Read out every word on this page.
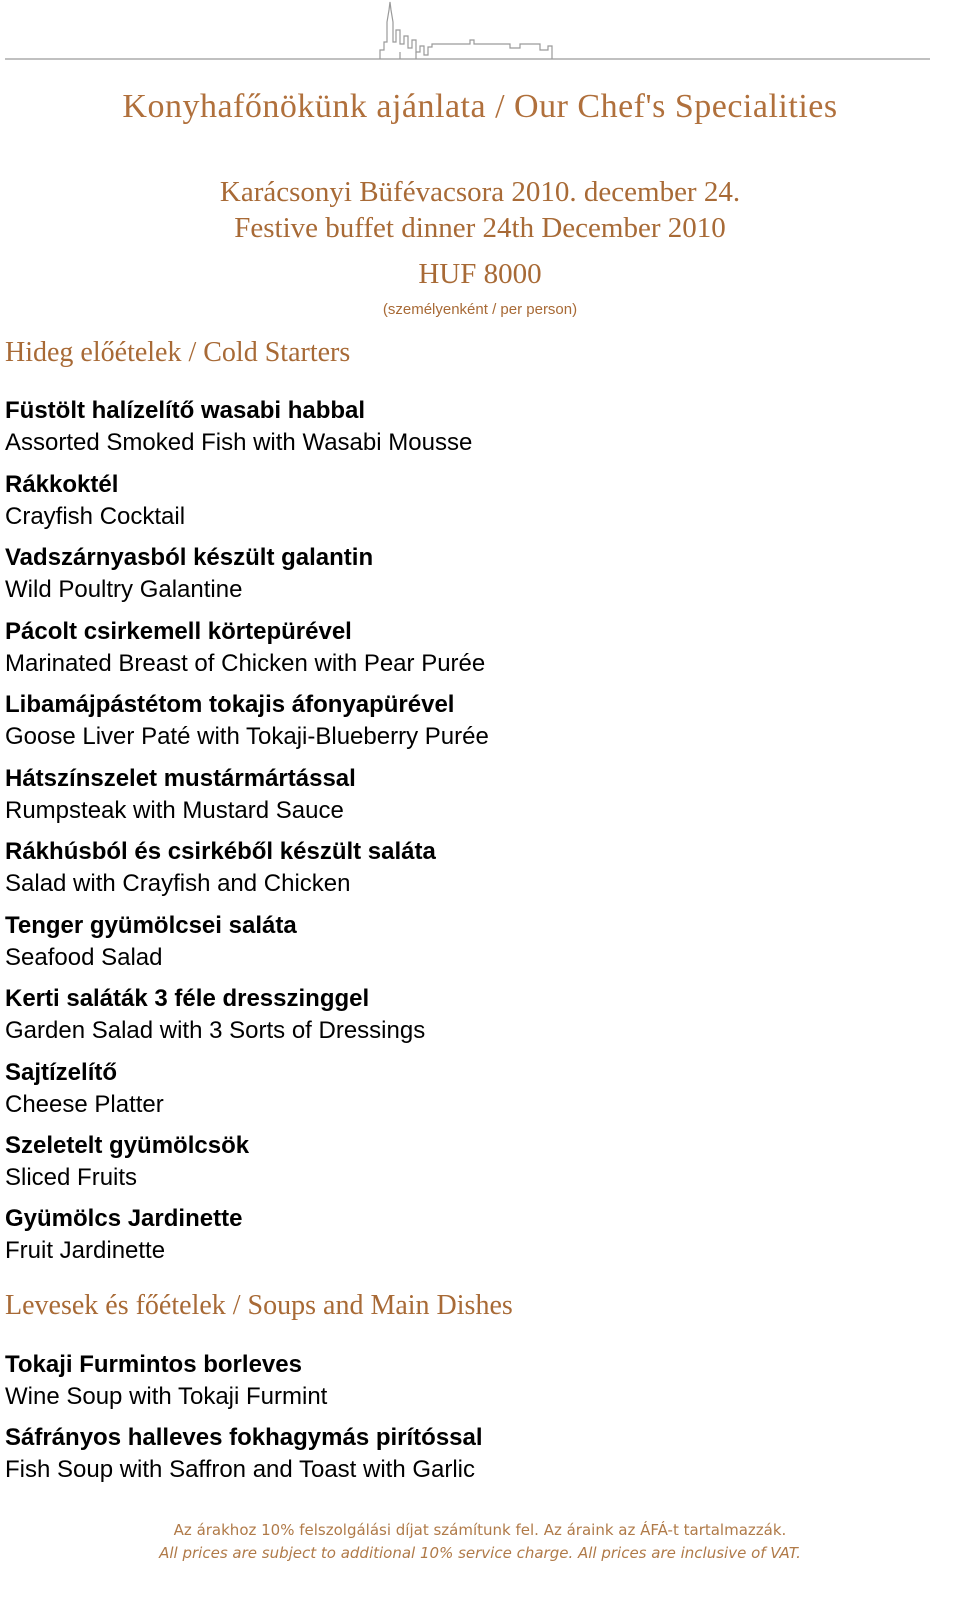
Konyhafőnökünk ajánlata / Our Chef's Specialities
Karácsonyi Büfévacsora 2010. december 24.
Festive buffet dinner 24th December 2010
HUF 8000
(személyenként / per person)
Hideg előételek / Cold Starters
Füstölt halízelítő wasabi habbal
Assorted Smoked Fish with Wasabi Mousse
Rákkoktél
Crayfish Cocktail
Vadszárnyasból készült galantin
Wild Poultry Galantine
Pácolt csirkemell körtepürével
Marinated Breast of Chicken with Pear Purée
Libamájpástétom tokajis áfonyapürével
Goose Liver Paté with Tokaji-Blueberry Purée
Hátszínszelet mustármártással
Rumpsteak with Mustard Sauce
Rákhúsból és csirkéből készült saláta
Salad with Crayfish and Chicken
Tenger gyümölcsei saláta
Seafood Salad
Kerti saláták 3 féle dresszinggel
Garden Salad with 3 Sorts of Dressings
Sajtízelítő
Cheese Platter
Szeletelt gyümölcsök
Sliced Fruits
Gyümölcs Jardinette
Fruit Jardinette
Levesek és főételek / Soups and Main Dishes
Tokaji Furmintos borleves
Wine Soup with Tokaji Furmint
Sáfrányos halleves fokhagymás pirítóssal
Fish Soup with Saffron and Toast with Garlic
Az árakhoz 10% felszolgálási díjat számítunk fel. Az áraink az ÁFÁ-t tartalmazzák.
All prices are subject to additional 10% service charge. All prices are inclusive of VAT.
